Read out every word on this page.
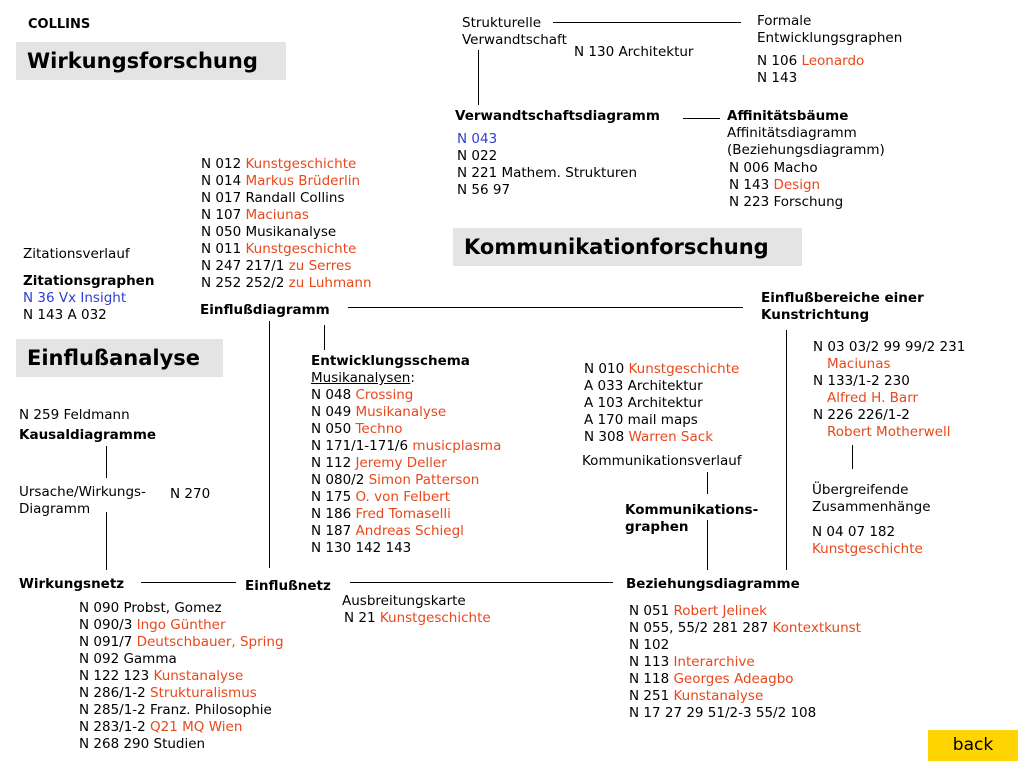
COLLINS
Wirkungsforschung
Kommunikationforschung
Einflußanalyse
Strukturelle
Verwandtschaft
N 130 Architektur
Formale
Entwicklungsgraphen
N 106 Leonardo
N 143
Verwandtschaftsdiagramm
N 043
N 022
N 221 Mathem. Strukturen
N 56 97
Affinitätsbäume
Affinitätsdiagramm
(Beziehungsdiagramm)
N 006 Macho
N 143 Design
N 223 Forschung
N 012 Kunstgeschichte
N 014 Markus Brüderlin
N 017 Randall Collins
N 107 Maciunas
N 050 Musikanalyse
N 011 Kunstgeschichte
N 247 217/1 zu Serres
N 252 252/2 zu Luhmann
Zitationsverlauf
Zitationsgraphen
N 36 Vx Insight
N 143 A 032	Einflußdiagramm
Einflußbereiche einer
Kunstrichtung
Entwicklungsschema
Musikanalysen:
N 048 Crossing
N 049 Musikanalyse
N 050 Techno
N 171/1-171/6 musicplasma
N 112 Jeremy Deller
N 080/2 Simon Patterson
N 175 O. von Felbert
N 186 Fred Tomaselli
N 187 Andreas Schiegl
N 130 142 143
N 010 Kunstgeschichte
A 033 Architektur
A 103 Architektur
A 170 mail maps
N 308 Warren Sack
Kommunikationsverlauf
Kommunikations-
graphen
N 03 03/2 99 99/2 231
Maciunas
N 133/1-2 230
Alfred H. Barr
N 226 226/1-2
Robert Motherwell
Übergreifende
Zusammenhänge
N 04 07 182
Kunstgeschichte
N 259 Feldmann
Kausaldiagramme
Ursache/Wirkungs-
Diagramm
N 270
Wirkungsnetz	Einflußnetz
Ausbreitungskarte
N 21 Kunstgeschichte
Beziehungsdiagramme
N 051 Robert Jelinek
N 055, 55/2 281 287 Kontextkunst
N 102
N 113 Interarchive
N 118 Georges Adeagbo
N 251 Kunstanalyse
N 17 27 29 51/2-3 55/2 108
N 090 Probst, Gomez
N 090/3 Ingo Günther
N 091/7 Deutschbauer, Spring
N 092 Gamma
N 122 123 Kunstanalyse
N 286/1-2 Strukturalismus
N 285/1-2 Franz. Philosophie
N 283/1-2 Q21 MQ Wien
N 268 290 Studien	back
